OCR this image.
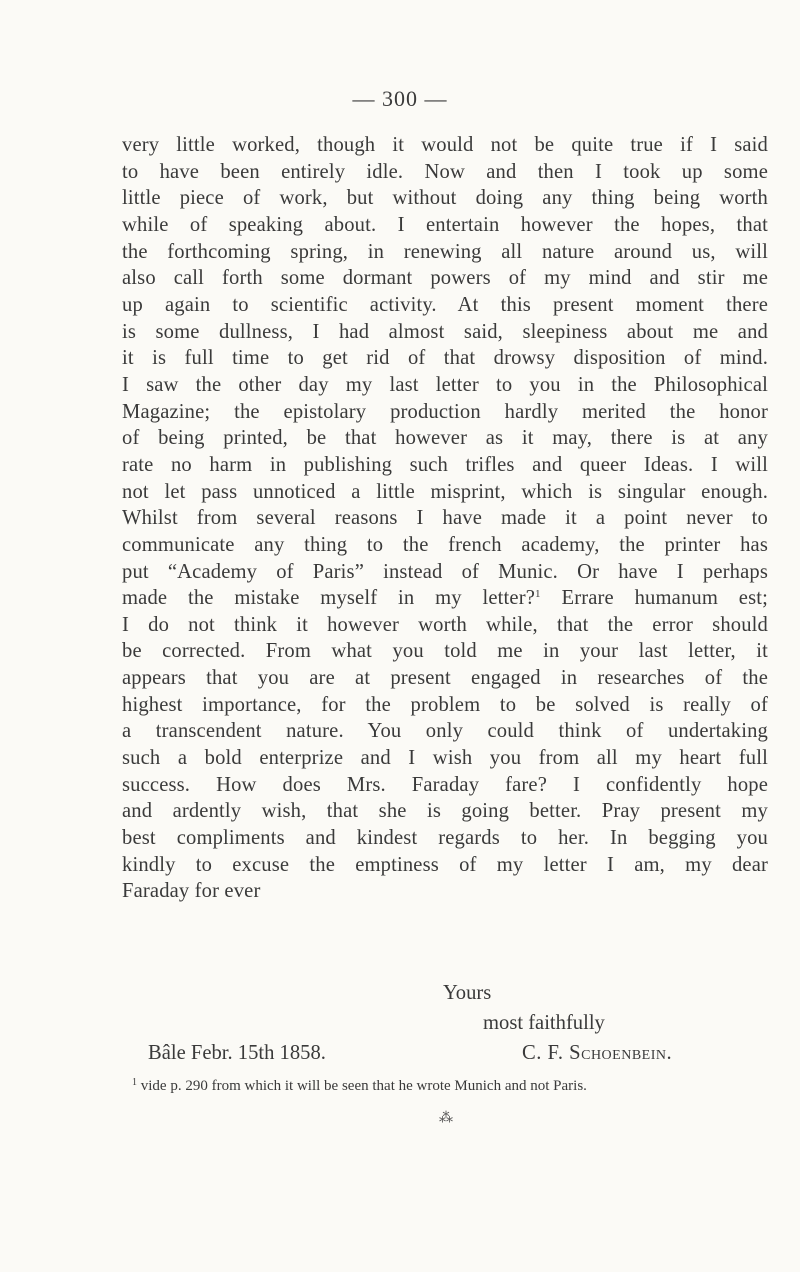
— 300 —
very little worked, though it would not be quite true if I said
to have been entirely idle. Now and then I took up some
little piece of work, but without doing any thing being worth
while of speaking about. I entertain however the hopes, that
the forthcoming spring, in renewing all nature around us, will
also call forth some dormant powers of my mind and stir me
up again to scientific activity. At this present moment there
is some dullness, I had almost said, sleepiness about me and
it is full time to get rid of that drowsy disposition of mind.
I saw the other day my last letter to you in the Philosophical
Magazine; the epistolary production hardly merited the honor
of being printed, be that however as it may, there is at any
rate no harm in publishing such trifles and queer Ideas. I will
not let pass unnoticed a little misprint, which is singular enough.
Whilst from several reasons I have made it a point never to
communicate any thing to the french academy, the printer has
put “Academy of Paris” instead of Munic. Or have I perhaps
made the mistake myself in my letter?$^1$ Errare humanum est;
I do not think it however worth while, that the error should
be corrected. From what you told me in your last letter, it
appears that you are at present engaged in researches of the
highest importance, for the problem to be solved is really of
a transcendent nature. You only could think of undertaking
such a bold enterprize and I wish you from all my heart full
success. How does Mrs. Faraday fare? I confidently hope
and ardently wish, that she is going better. Pray present my
best compliments and kindest regards to her. In begging you
kindly to excuse the emptiness of my letter I am, my dear
Faraday for ever
Yours
most faithfully
Bâle Febr. 15th 1858.	C. F. Schoenbein.
$^1$ vide p. 290 from which it will be seen that he wrote Munich and not Paris.
⁂
